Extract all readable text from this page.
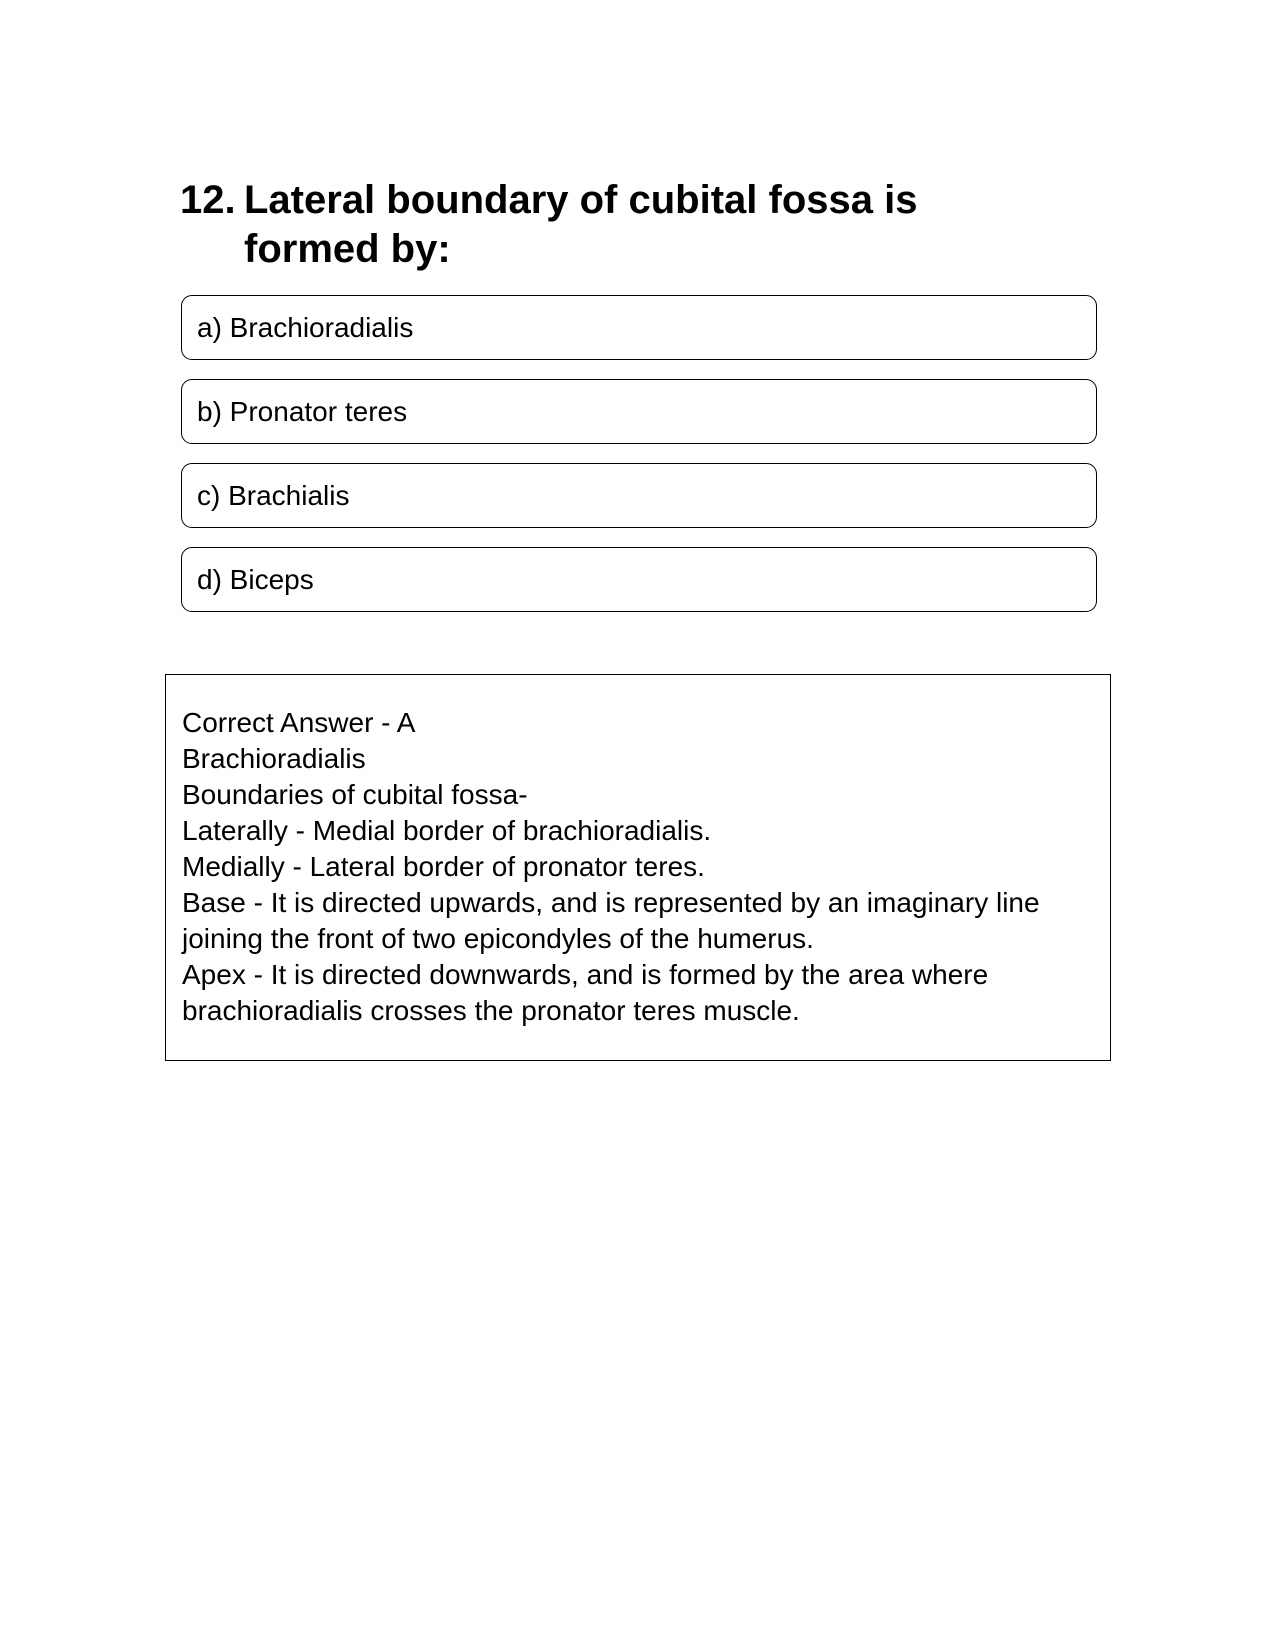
12. Lateral boundary of cubital fossa is formed by:
a) Brachioradialis
b) Pronator teres
c) Brachialis
d) Biceps
Correct Answer - A
Brachioradialis
Boundaries of cubital fossa-
Laterally - Medial border of brachioradialis.
Medially - Lateral border of pronator teres.
Base - It is directed upwards, and is represented by an imaginary line joining the front of two epicondyles of the humerus.
Apex - It is directed downwards, and is formed by the area where brachioradialis crosses the pronator teres muscle.
